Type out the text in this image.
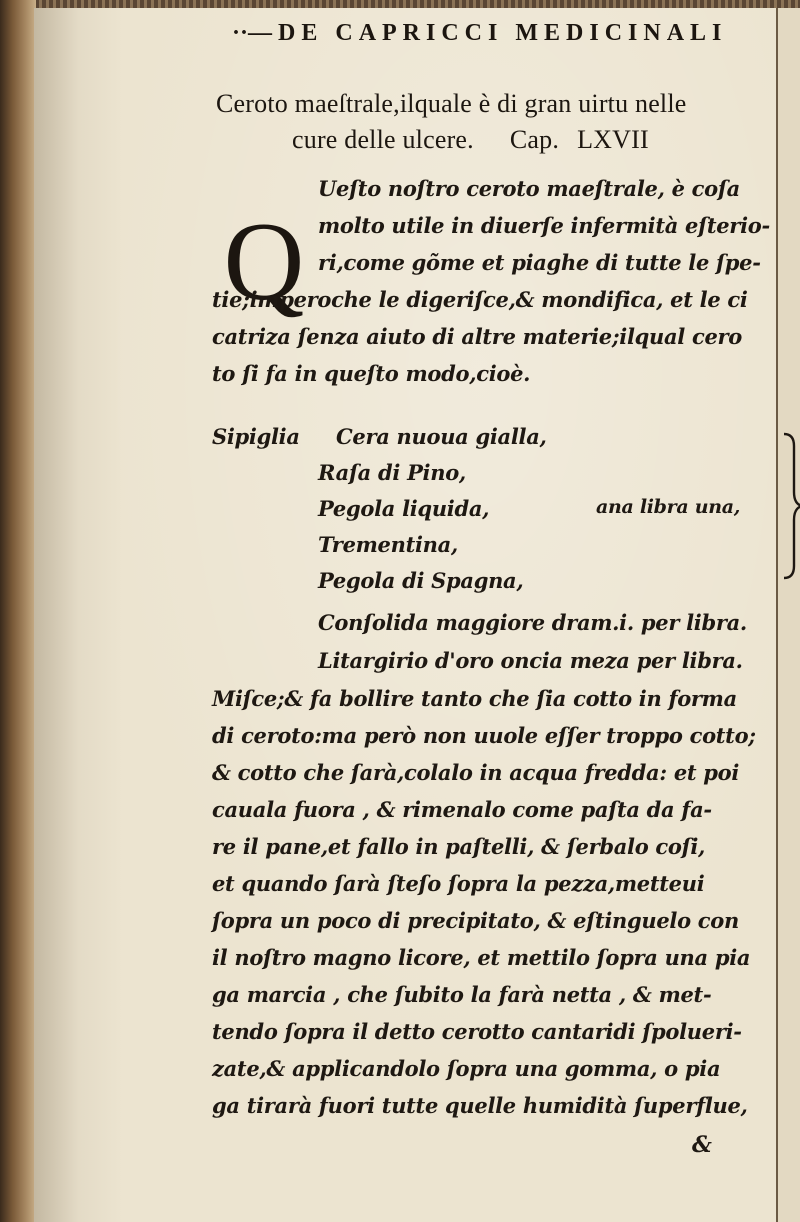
··— DE CAPRICCI MEDICINALI
Ceroto maeſtrale,ilquale è di gran uirtu nelle
cure delle ulcere. Cap. LXVII
Q
Ueſto noſtro ceroto maeſtrale, è coſa
molto utile in diuerſe infermità eſterio-
ri,come gõme et piaghe di tutte le ſpe-
tie;imperoche le digeriſce,& mondifica, et le ci
catriza ſenza aiuto di altre materie;ilqual cero
to ſi fa in queſto modo,cioè.
Sipiglia Cera nuoua gialla,
Raſa di Pino,
Pegola liquida,
Trementina,
Pegola di Spagna,
ana libra una,
Conſolida maggiore dram.i. per libra.
Litargirio d'oro oncia meza per libra.
Miſce;& fa bollire tanto che ſia cotto in forma
di ceroto:ma però non uuole eſſer troppo cotto;
& cotto che ſarà,colalo in acqua fredda: et poi
cauala fuora , & rimenalo come paſta da fa-
re il pane,et fallo in paſtelli, & ſerbalo coſi,
et quando ſarà ſteſo ſopra la pezza,metteui
ſopra un poco di precipitato, & eſtinguelo con
il noſtro magno licore, et mettilo ſopra una pia
ga marcia , che ſubito la farà netta , & met-
tendo ſopra il detto cerotto cantaridi ſpolueri-
zate,& applicandolo ſopra una gomma, o pia
ga tirarà fuori tutte quelle humidità ſuperflue,
&
